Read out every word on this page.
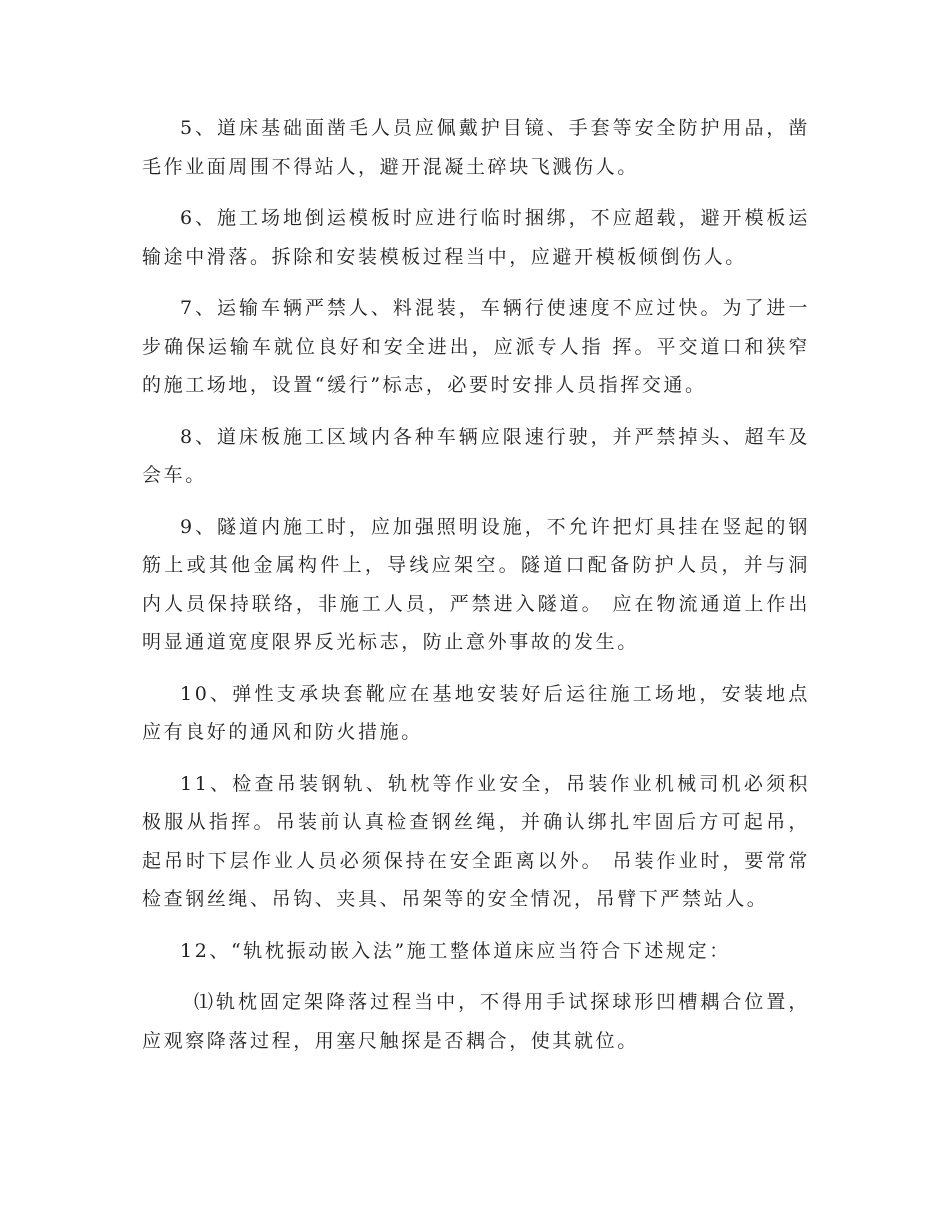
5、道床基础面凿毛人员应佩戴护目镜、手套等安全防护用品，凿毛作业面周围不得站人，避开混凝土碎块飞溅伤人。

6、施工场地倒运模板时应进行临时捆绑，不应超载，避开模板运输途中滑落。拆除和安装模板过程当中，应避开模板倾倒伤人。

7、运输车辆严禁人、料混装，车辆行使速度不应过快。为了进一步确保运输车就位良好和安全进出，应派专人指 挥。平交道口和狭窄的施工场地，设置“缓行”标志，必要时安排人员指挥交通。

8、道床板施工区域内各种车辆应限速行驶，并严禁掉头、超车及会车。

9、隧道内施工时，应加强照明设施，不允许把灯具挂在竖起的钢筋上或其他金属构件上，导线应架空。隧道口配备防护人员，并与洞内人员保持联络，非施工人员，严禁进入隧道。 应在物流通道上作出明显通道宽度限界反光标志，防止意外事故的发生。

10、弹性支承块套靴应在基地安装好后运往施工场地，安装地点应有良好的通风和防火措施。

11、检查吊装钢轨、轨枕等作业安全，吊装作业机械司机必须积极服从指挥。吊装前认真检查钢丝绳，并确认绑扎牢固后方可起吊，起吊时下层作业人员必须保持在安全距离以外。 吊装作业时，要常常检查钢丝绳、吊钩、夹具、吊架等的安全情况，吊臂下严禁站人。

12、“轨枕振动嵌入法”施工整体道床应当符合下述规定：

⑴轨枕固定架降落过程当中，不得用手试探球形凹槽耦合位置，应观察降落过程，用塞尺触探是否耦合，使其就位。
